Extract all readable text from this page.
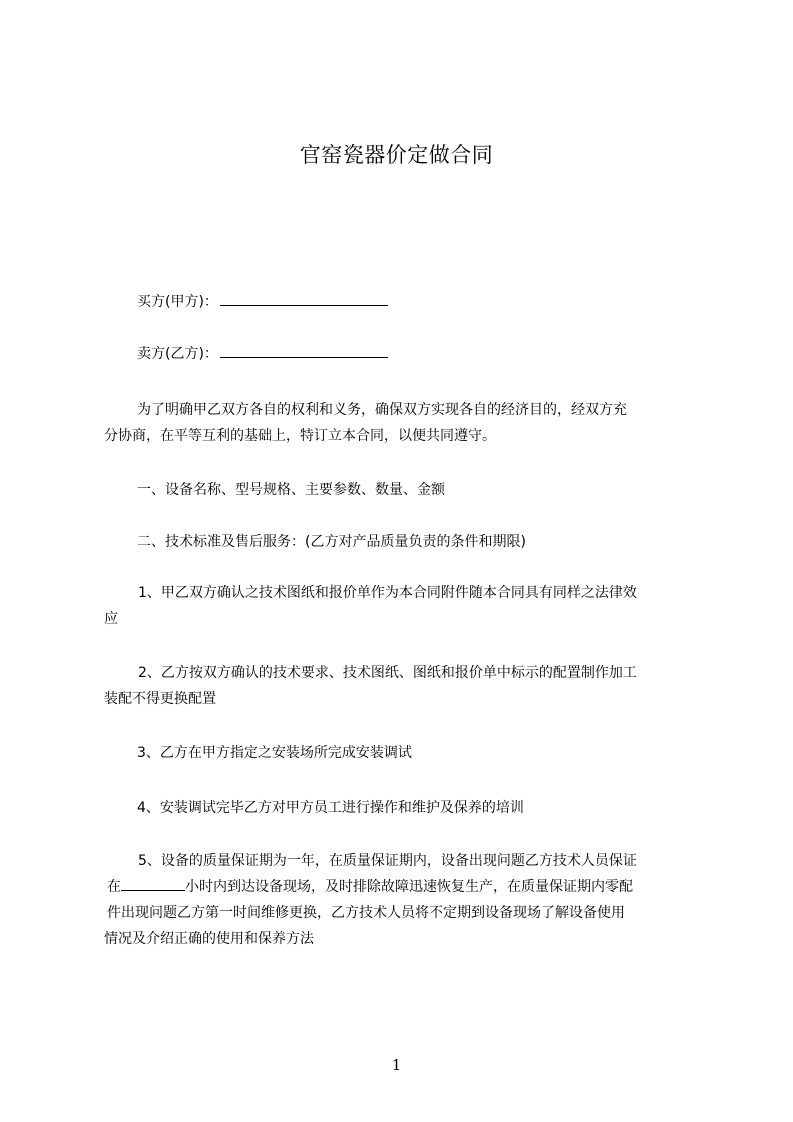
官窑瓷器价定做合同
买方(甲方)：
卖方(乙方)：
为了明确甲乙双方各自的权利和义务，确保双方实现各自的经济目的，经双方充
分协商，在平等互利的基础上，特订立本合同，以便共同遵守。
一、设备名称、型号规格、主要参数、数量、金额
二、技术标准及售后服务：(乙方对产品质量负责的条件和期限)
1、甲乙双方确认之技术图纸和报价单作为本合同附件随本合同具有同样之法律效
应
2、乙方按双方确认的技术要求、技术图纸、图纸和报价单中标示的配置制作加工
装配不得更换配置
3、乙方在甲方指定之安装场所完成安装调试
4、安装调试完毕乙方对甲方员工进行操作和维护及保养的培训
5、设备的质量保证期为一年，在质量保证期内，设备出现问题乙方技术人员保证
在	小时内到达设备现场，及时排除故障迅速恢复生产，在质量保证期内零配
件出现问题乙方第一时间维修更换，乙方技术人员将不定期到设备现场了解设备使用
情况及介绍正确的使用和保养方法
1
